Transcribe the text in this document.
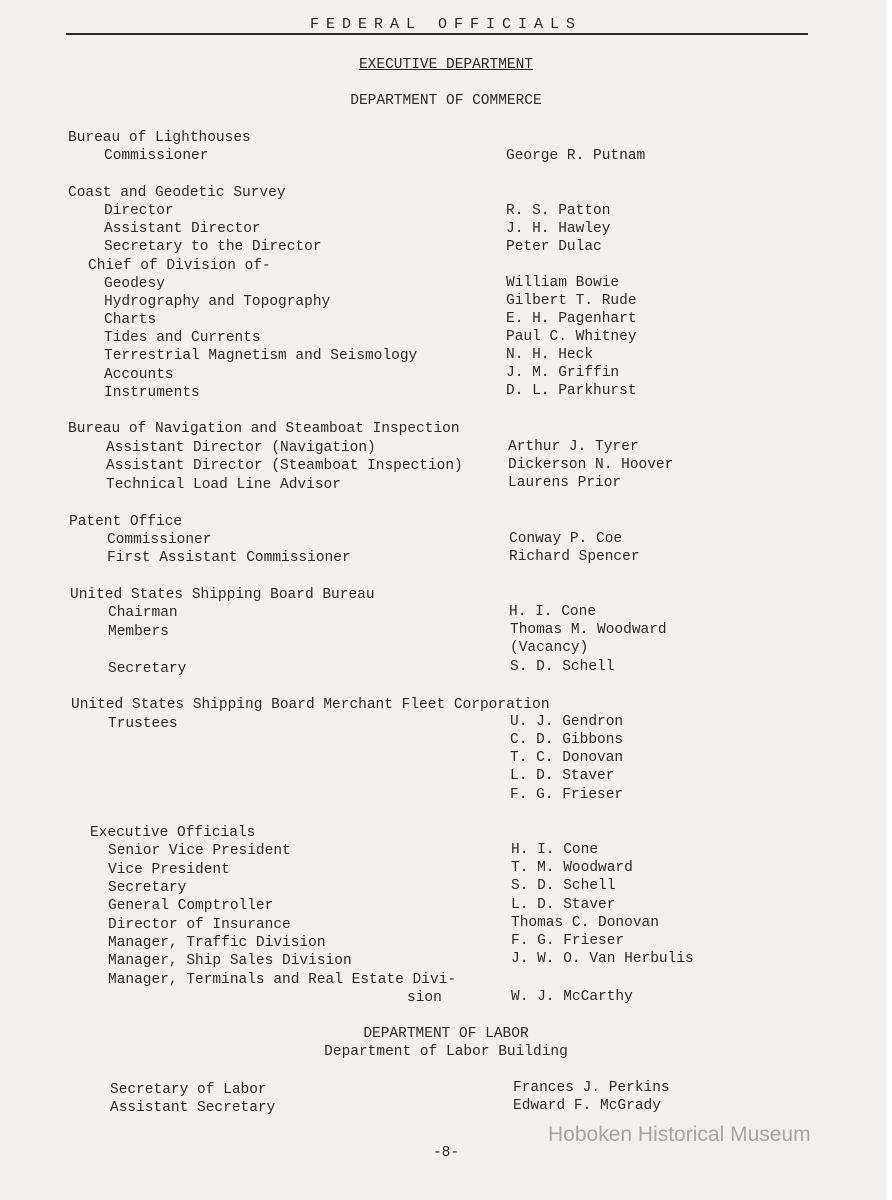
FEDERAL OFFICIALS
EXECUTIVE DEPARTMENT
DEPARTMENT OF COMMERCE
Bureau of Lighthouses
Commissioner	George R. Putnam
Coast and Geodetic Survey
Director	R. S. Patton
Assistant Director	J. H. Hawley
Secretary to the Director	Peter Dulac
Chief of Division of-
Geodesy	William Bowie
Hydrography and Topography	Gilbert T. Rude
Charts	E. H. Pagenhart
Tides and Currents	Paul C. Whitney
Terrestrial Magnetism and Seismology	N. H. Heck
Accounts	J. M. Griffin
Instruments	D. L. Parkhurst
Bureau of Navigation and Steamboat Inspection
Assistant Director (Navigation)	Arthur J. Tyrer
Assistant Director (Steamboat Inspection)	Dickerson N. Hoover
Technical Load Line Advisor	Laurens Prior
Patent Office
Commissioner	Conway P. Coe
First Assistant Commissioner	Richard Spencer
United States Shipping Board Bureau
Chairman	H. I. Cone
Members	Thomas M. Woodward
(Vacancy)
Secretary	S. D. Schell
United States Shipping Board Merchant Fleet Corporation
Trustees	U. J. Gendron
C. D. Gibbons
T. C. Donovan
L. D. Staver
F. G. Frieser
Executive Officials
Senior Vice President	H. I. Cone
Vice President	T. M. Woodward
Secretary	S. D. Schell
General Comptroller	L. D. Staver
Director of Insurance	Thomas C. Donovan
Manager, Traffic Division	F. G. Frieser
Manager, Ship Sales Division	J. W. O. Van Herbulis
Manager, Terminals and Real Estate Divi-
sion	W. J. McCarthy
DEPARTMENT OF LABOR
Department of Labor Building
Secretary of Labor	Frances J. Perkins
Assistant Secretary	Edward F. McGrady
Hoboken Historical Museum
-8-
